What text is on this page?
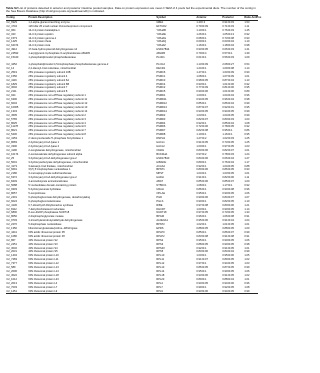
Table S2 List of proteins detected in anterior and posterior intestine pooled samples. Data on protein expression are mean ± SEM of 4 pools fed the experimental diets. The number of the contig in the Sea Bream Database (http://nutrigroup-iats.org/seabreamdb) is indicated.
Contig	Protein Description	Symbol	Anterior	Posterior	Ratio Ant/Pos
C2_6929	1,4-alpha-glucan-branching enzyme	GBE1	1.4±0.3	0.91±0.03	1.53
C2_4704	126 kDa U5 small nuclear ribonucleoprotein component	EFTUD2	0.79±0.09	0.71±0.03	1.11
C2_964	14-3-3 protein beta/alpha-1	YWHAB	1.10±0.1	0.76±0.03	1.45
C2_323	14-3-3 protein epsilon	YWHAE	1.26±0.1	1.05±0.13	0.92
C2_1573	14-3-3 protein gamma-1	YWHAG	0.68±0.1	0.73±0.08	0.93
C2_1425	14-3-3 protein theta	YWHAQ	0.69±0.1	0.63±0.04	1.10
C2_64474	14-3-3 protein zeta	YWHAZ	1.16±0.1	1.18±0.04	0.98
C2_4912	17-beta-hydroxysteroid dehydrogenase 14	HSD17B14	0.93±0.05	0.66±0.03	1.41
C2_24592	1-acylglycerol-3-phosphate O-acyltransferase ABHD5	ABHD5	0.79±0.4	0.57±0.1	1.39
C2_15440	1-phosphatidylinositol phosphodiesterase	PLCD1	0.61±0.1	0.56±0.03	1.09

C2_4452	1-phosphatidylinositol 4,5-bisphosphate phosphodiesterase gamma-2	PLCG2	1.13±0.09	2.08±0.27	0.54
C2_14	2,4-dienoyl-CoA reductase, mitochondrial	DECR1	1.24±0.1	1.09±0.08	1.14
C2_2519	26S protease regulatory subunit 10B	PSMC6	1.47±0.1	1.63±0.09	0.90
C2_1556	26S protease regulatory subunit 4	PSMC1	1.08±0.1	1.07±0.09	1.01
C2_4116	26S protease regulatory subunit 6A	PSMC3	0.98±0.05	0.87±0.04	1.13
C2_1829	26S protease regulatory subunit 6B	PSMC4	0.93±0.1	1.01±0.06	0.92
C2_3002	26S protease regulatory subunit 7	PSMC2	0.77±0.09	0.81±0.06	0.95
C2_2111	26S protease regulatory subunit 8	PSMC5	0.90±0.06	1.01±0.06	0.89
C2_924	26S proteasome non-ATPase regulatory subunit 1	PSMD1	1.00±0.1	1.04±0.04	0.96
C2_6300	26S proteasome non-ATPase regulatory subunit 11	PSMD11	0.94±0.05	0.96±0.04	0.98
C2_6004	26S proteasome non-ATPase regulatory subunit 12	PSMD12	0.85±0.1	0.86±0.04	0.99
C2_10065	26S proteasome non-ATPase regulatory subunit 13	PSMD13	0.87±0.07	0.92±0.01	0.95
C2_1343	26S proteasome non-ATPase regulatory subunit 14	PSMD14	0.93±0.05	0.94±0.05	0.99
C2_4505	26S proteasome non-ATPase regulatory subunit 2	PSMD2	1.03±0.1	1.04±0.05	0.99
C2_5765	26S proteasome non-ATPase regulatory subunit 3	PSMD3	0.82±0.07	0.80±0.03	1.03
C2_8025	26S proteasome non-ATPase regulatory subunit 4	PSMD4	0.92±0.1	0.85±0.04	1.08
C2_11178	26S proteasome non-ATPase regulatory subunit 6	PSMD6	0.72±0.06	0.78±0.05	0.92
C2_8021	26S proteasome non-ATPase regulatory subunit 7	PSMD7	0.82±0.08	0.95±0.1	0.86
C2_5430	26S proteasome non-ATPase regulatory subunit 8	PSMD8	1.10±0.1	1.16±0.1	0.95
C2_4153	2'-deoxynucleoside 5'-phosphate N-hydrolase 1	DNPH1	1.27±0.2	1.02±0.03	1.25
C2_8083	2-hydroxyacyl-CoA lyase 1	HACL1	0.91±0.05	0.73±0.05	1.25
C2_3300	2-hydroxyacyl-CoA lyase 2	HACL2	1.00±0.1	0.97±0.05	1.03
C2_4190	2-oxoglutarate dehydrogenase, mitochondrial	OGDH	0.83±0.06	0.82±0.07	1.01
C2_10174	2-oxoisovalerate dehydrogenase subunit alpha	BCKDHA	0.97±0.2	0.78±0.03	1.24
C2_25	3-hydroxyacyl-CoA dehydrogenase type-2	HSD17B10	0.84±0.06	0.66±0.04	1.27
C2_5001	3-hydroxyisobutyrate dehydrogenase, mitochondrial	HIBADH	0.89±0.1	0.76±0.04	1.17
C2_4173	3-ketoacyl-CoA thiolase, mitochondrial	ACAA2	0.92±0.1	1.04±0.05	0.88
C2_6691	3'(2'),5'-bisphosphate nucleotidase 1	BPNT1	0.80±0.06	0.86±0.05	0.93
C2_2180	3-mercaptopyruvate sulfurtransferase	MPST	1.04±0.1	1.03±0.05	1.01
C2_6372	3-hydroxyacyl-CoA dehydrogenase type-2	HADH	0.91±0.1	0.82±0.06	1.11
C2_8449	4-aminobutyrate aminotransferase	ABAT	0.85±0.06	0.85±0.07	1.00
C2_5088	5'-nucleotidase domain-containing protein	NT5DC1	1.08±0.1	1.17±0.1	0.92
C2_9303	5-hydroxyisourate hydrolase	URAH	0.86±0.1	0.90±0.08	0.96
C2_8057	5-oxoprolinase	OPLAH	0.95±0.1	0.90±0.05	1.06
C2_2401	6-phosphogluconate dehydrogenase, decarboxylating	PGD	0.90±0.06	0.84±0.07	1.07
C2_6024	6-phosphogluconolactonase	PGLS	0.90±0.1	0.82±0.05	1.10
C2_4130	6,7-dimethyl-8-ribityllumazine synthase	RIBE	0.97±0.08	0.80±0.06	1.21
C2_8112	7-dehydrocholesterol reductase	DHCR7	1.03±0.1	0.90±0.05	1.14
C2_6800	8-oxo-dGDP phosphatase NUDT18	NUDT18	0.97±0.05	0.73±0.05	1.33
C2_8050	2-bisphosphoglycerate mutase	BPGM	0.96±0.1	1.06±0.08	0.91
C2_9703	4-trimethylaminobutyraldehyde dehydrogenase	ALDH9A1	0.95±0.06	0.91±0.04	1.04
C2_2270	5-bisphosphate nucleotidase	BPNT2	1.02±0.1	1.01±0.05	1.01
C2_1350	bifunctional glutamate/proline--tRNA ligase	EPRS	0.88±0.05	0.88±0.05	1.00
C2_4441	60S acidic ribosomal protein P0	RPLP0	0.85±0.1	0.86±0.07	0.99
C2_1080	60S acidic ribosomal protein P2	RPLP2	0.83±0.08	0.91±0.08	0.91
C2_867	40S ribosomal protein S2	RPS2	0.95±0.1	0.90±0.05	1.06
C2_2251	40S ribosomal protein S3	RPS3	0.88±0.05	0.90±0.05	0.98
C2_3032	40S ribosomal protein S4	RPS4X	0.92±0.1	0.91±0.05	1.01
C2_2031	40S ribosomal protein S5	RPS5	0.83±0.06	0.84±0.04	0.99
C2_1404	60S ribosomal protein L10	RPL10	1.00±0.1	0.95±0.06	1.05
C2_7283	60S ribosomal protein L11	RPL11	0.91±0.07	0.89±0.05	1.02
C2_7377	60S ribosomal protein L12	RPL12	0.97±0.1	0.94±0.05	1.03
C2_589	60S ribosomal protein L13	RPL13	0.86±0.05	0.87±0.05	0.99
C2_2006	60S ribosomal protein L14	RPL14	0.95±0.1	0.90±0.05	1.06
C2_3022	60S ribosomal protein L18	RPL18	0.93±0.06	0.91±0.05	1.02
C2_1012	60S ribosomal protein L23	RPL23	0.89±0.1	0.88±0.04	1.01
C2_2013	60S ribosomal protein L4	RPL4	0.90±0.05	0.94±0.06	0.96
C2_7003	60S ribosomal protein L7	RPL7	0.99±0.1	0.92±0.05	1.08
C2_1451	60S ribosomal protein L9	RPL9	0.93±0.06	0.94±0.05	0.99
